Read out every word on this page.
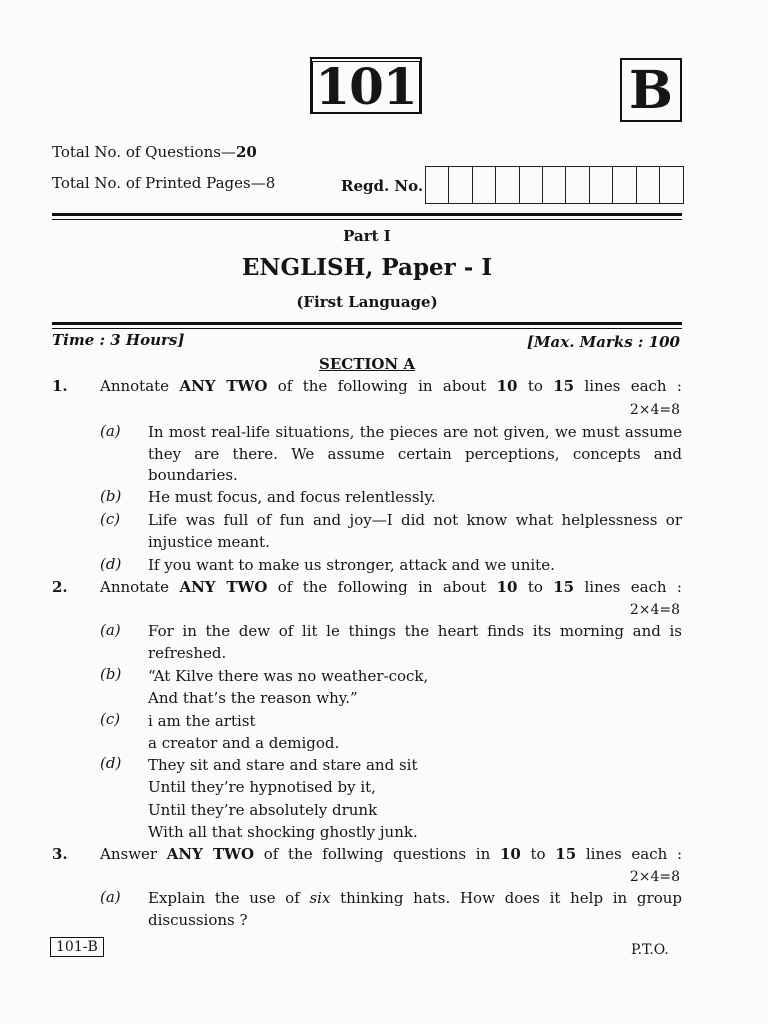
101	B
Total No. of Questions—20
Total No. of Printed Pages—8	Regd. No.
Part I
ENGLISH, Paper - I
(First Language)
Time : 3 Hours]	[Max. Marks : 100
SECTION A
1. Annotate ANY TWO of the following in about 10 to 15 lines each :
2×4=8
(a) In most real-life situations, the pieces are not given, we must assume they are there. We assume certain perceptions, concepts and boundaries.
(b) He must focus, and focus relentlessly.
(c) Life was full of fun and joy—I did not know what helplessness or injustice meant.
(d) If you want to make us stronger, attack and we unite.
2. Annotate ANY TWO of the following in about 10 to 15 lines each :
2×4=8
(a) For in the dew of lit le things the heart finds its morning and is refreshed.
(b) “At Kilve there was no weather-cock,
And that’s the reason why.”
(c) i am the artist
a creator and a demigod.
(d) They sit and stare and stare and sit
Until they’re hypnotised by it,
Until they’re absolutely drunk
With all that shocking ghostly junk.
3. Answer ANY TWO of the follwing questions in 10 to 15 lines each :
2×4=8
(a) Explain the use of six thinking hats. How does it help in group discussions ?
101-B	P.T.O.
